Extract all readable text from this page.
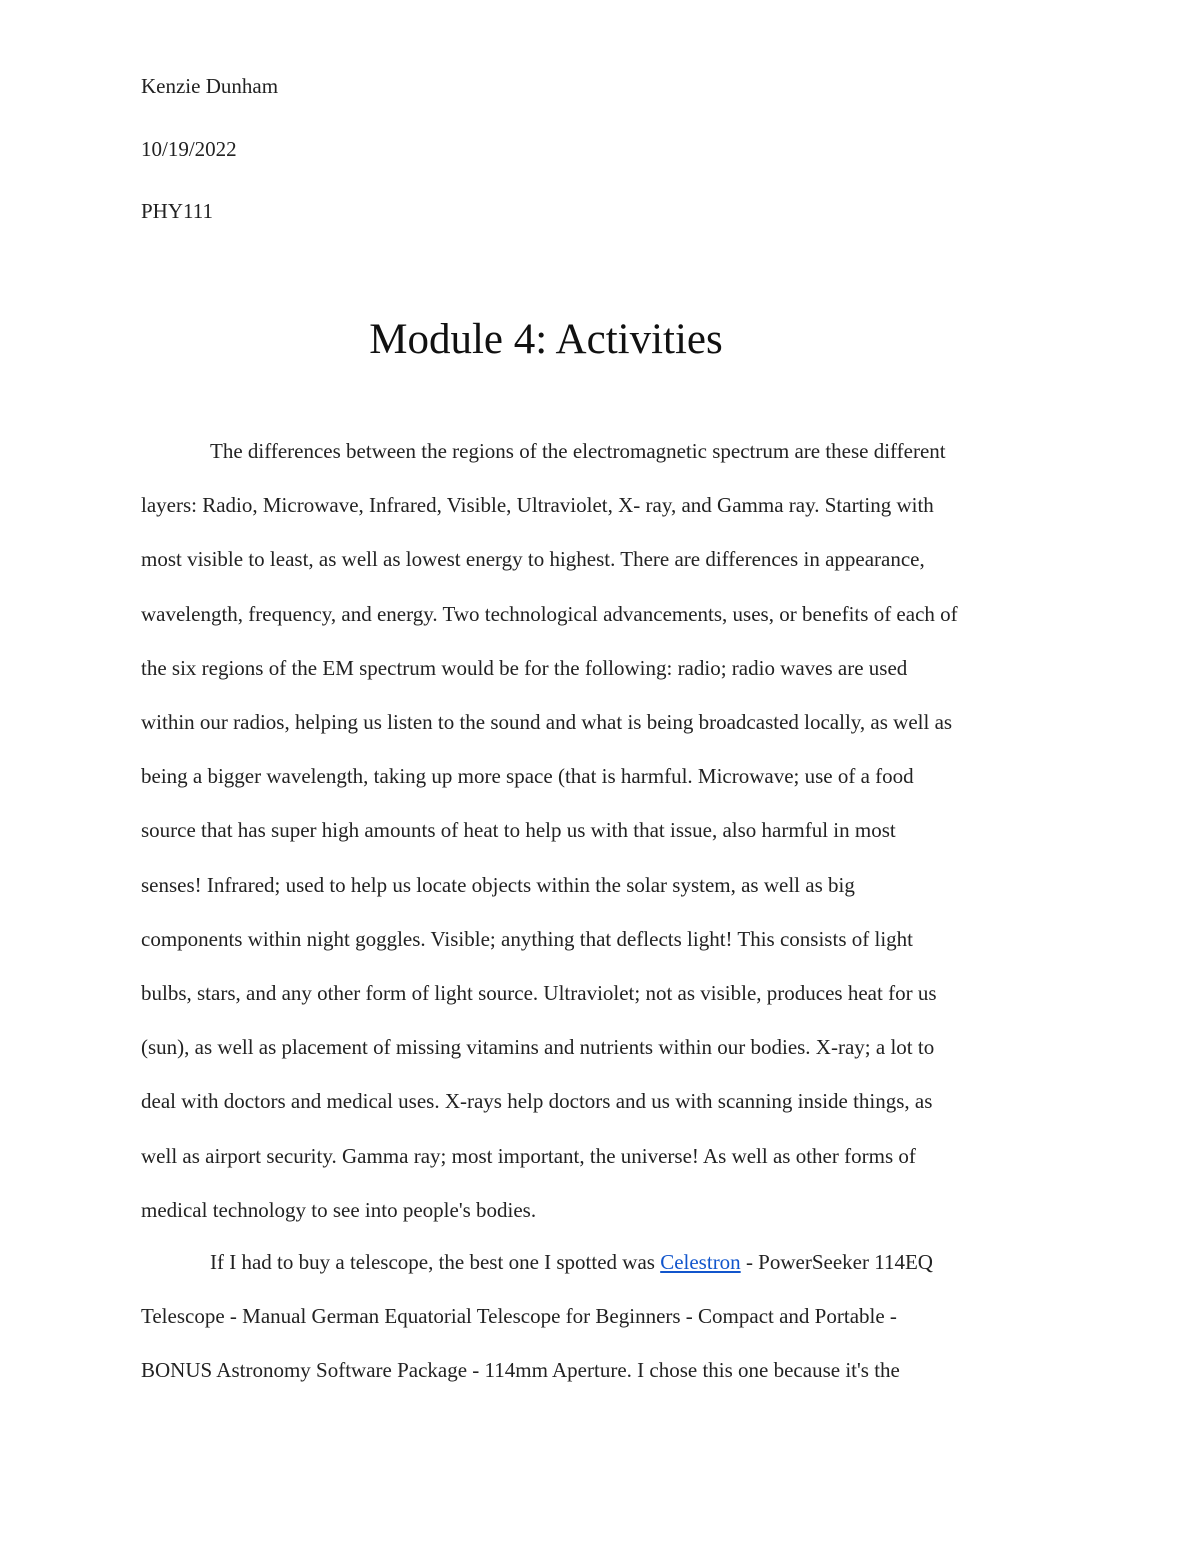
Kenzie Dunham
10/19/2022
PHY111
Module 4: Activities
The differences between the regions of the electromagnetic spectrum are these different
layers: Radio, Microwave, Infrared, Visible, Ultraviolet, X- ray, and Gamma ray. Starting with
most visible to least, as well as lowest energy to highest. There are differences in appearance,
wavelength, frequency, and energy. Two technological advancements, uses, or benefits of each of
the six regions of the EM spectrum would be for the following: radio; radio waves are used
within our radios, helping us listen to the sound and what is being broadcasted locally, as well as
being a bigger wavelength, taking up more space (that is harmful. Microwave; use of a food
source that has super high amounts of heat to help us with that issue, also harmful in most
senses! Infrared; used to help us locate objects within the solar system, as well as big
components within night goggles. Visible; anything that deflects light! This consists of light
bulbs, stars, and any other form of light source. Ultraviolet; not as visible, produces heat for us
(sun), as well as placement of missing vitamins and nutrients within our bodies. X-ray; a lot to
deal with doctors and medical uses. X-rays help doctors and us with scanning inside things, as
well as airport security. Gamma ray; most important, the universe! As well as other forms of
medical technology to see into people's bodies.
If I had to buy a telescope, the best one I spotted was Celestron - PowerSeeker 114EQ
Telescope - Manual German Equatorial Telescope for Beginners - Compact and Portable -
BONUS Astronomy Software Package - 114mm Aperture. I chose this one because it's the
